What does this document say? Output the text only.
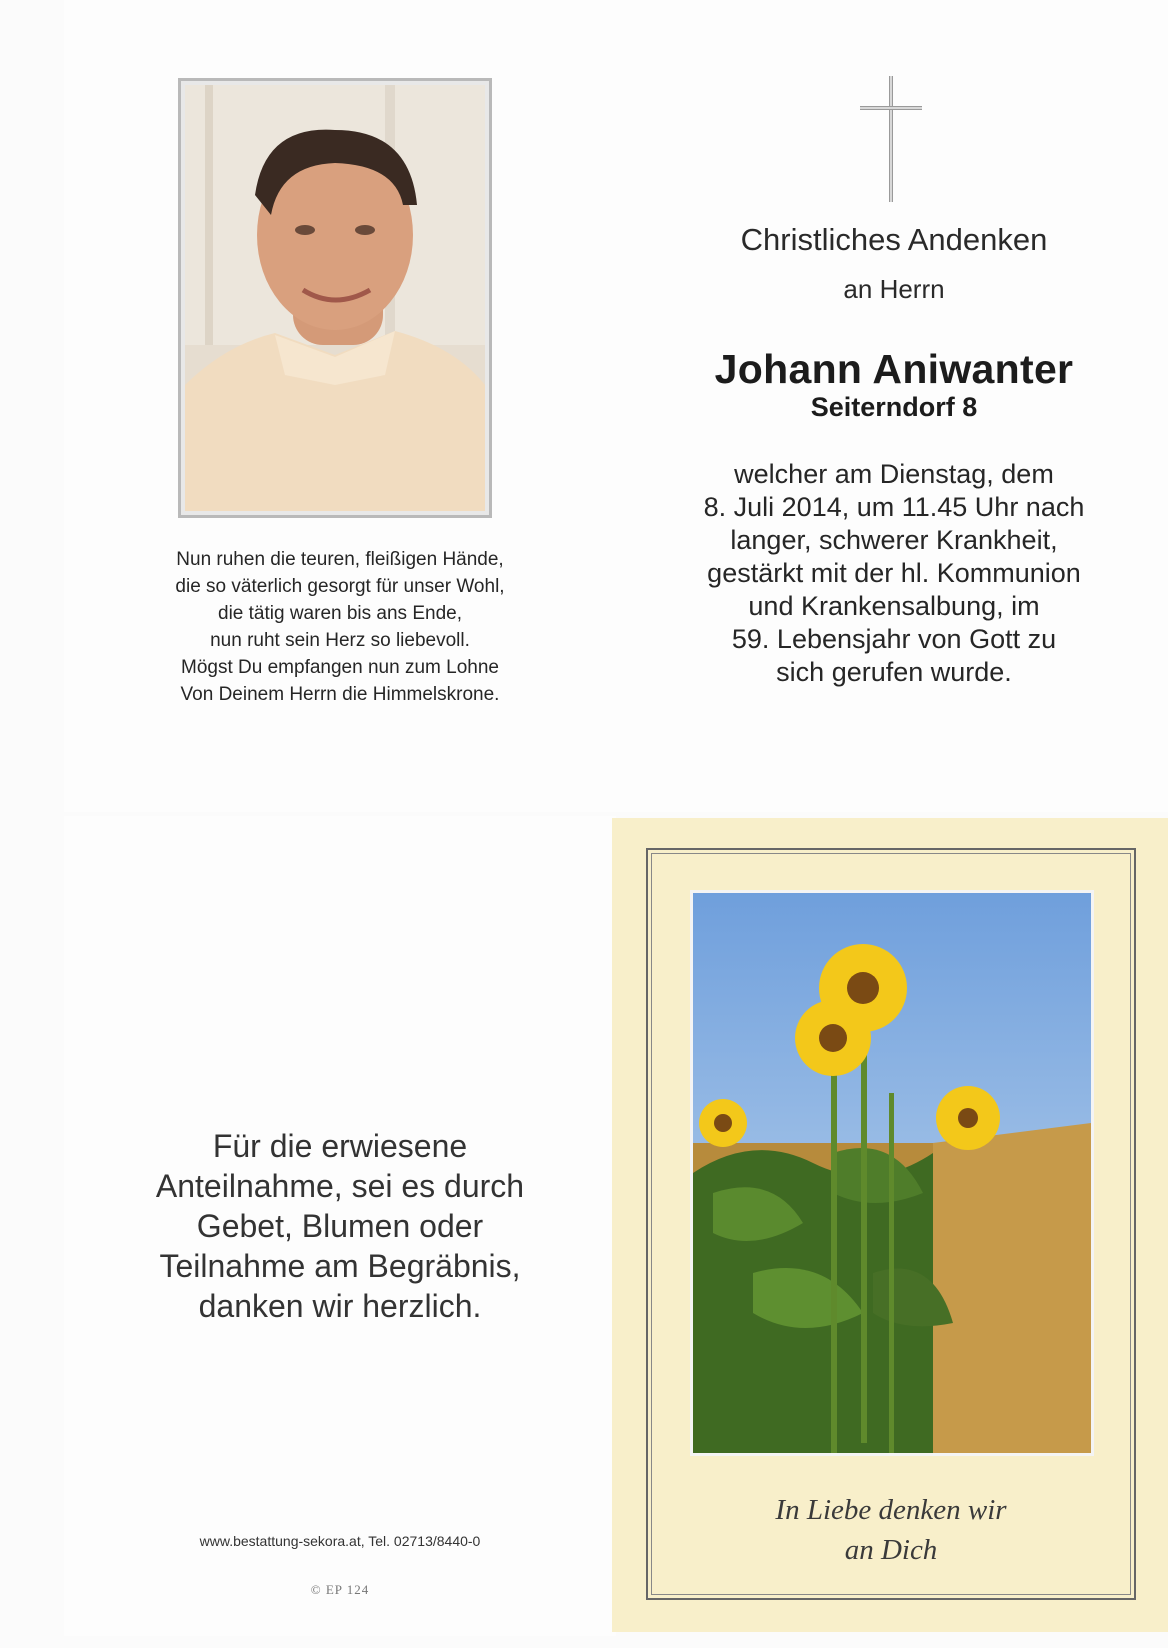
Nun ruhen die teuren, fleißigen Hände,
die so väterlich gesorgt für unser Wohl,
die tätig waren bis ans Ende,
nun ruht sein Herz so liebevoll.
Mögst Du empfangen nun zum Lohne
Von Deinem Herrn die Himmelskrone.
Christliches Andenken
an Herrn
Johann Aniwanter
Seiterndorf 8
welcher am Dienstag, dem
8. Juli 2014, um 11.45 Uhr nach
langer, schwerer Krankheit,
gestärkt mit der hl. Kommunion
und Krankensalbung, im
59. Lebensjahr von Gott zu
sich gerufen wurde.
Für die erwiesene
Anteilnahme, sei es durch
Gebet, Blumen oder
Teilnahme am Begräbnis,
danken wir herzlich.
www.bestattung-sekora.at, Tel. 02713/8440-0
© EP 124
In Liebe denken wir
an Dich
